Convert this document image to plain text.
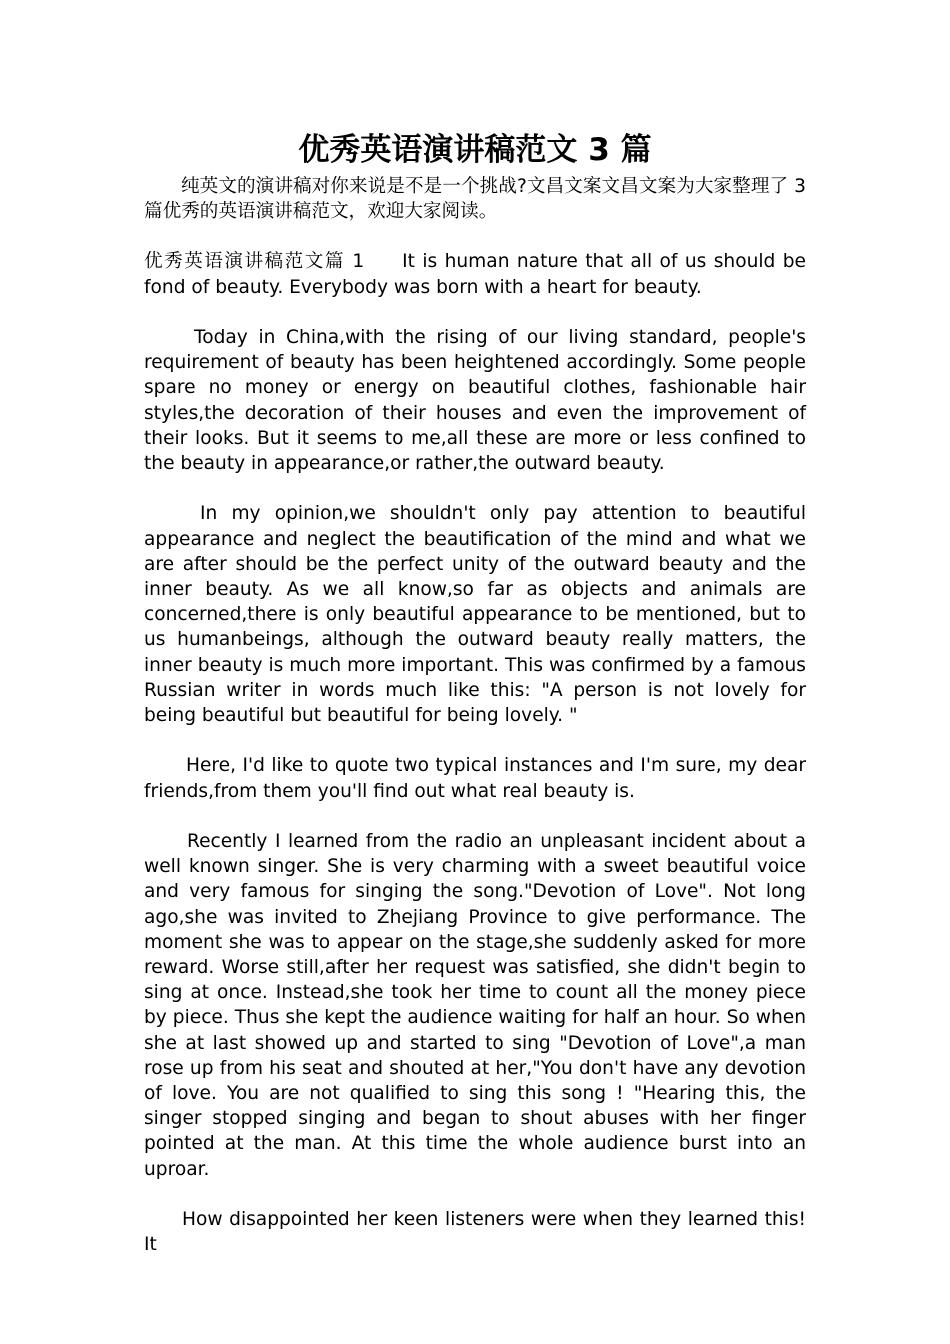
优秀英语演讲稿范文 3 篇

纯英文的演讲稿对你来说是不是一个挑战?文昌文案文昌文案为大家整理了 3 篇优秀的英语演讲稿范文，欢迎大家阅读。

优秀英语演讲稿范文篇 1 It is human nature that all of us should be fond of beauty. Everybody was born with a heart for beauty.

Today in China,with the rising of our living standard, people's requirement of beauty has been heightened accordingly. Some people spare no money or energy on beautiful clothes, fashionable hair styles,the decoration of their houses and even the improvement of their looks. But it seems to me,all these are more or less confined to the beauty in appearance,or rather,the outward beauty.

In my opinion,we shouldn't only pay attention to beautiful appearance and neglect the beautification of the mind and what we are after should be the perfect unity of the outward beauty and the inner beauty. As we all know,so far as objects and animals are concerned,there is only beautiful appearance to be mentioned, but to us humanbeings, although the outward beauty really matters, the inner beauty is much more important. This was confirmed by a famous Russian writer in words much like this: "A person is not lovely for being beautiful but beautiful for being lovely. "

Here, I'd like to quote two typical instances and I'm sure, my dear friends,from them you'll find out what real beauty is.

Recently I learned from the radio an unpleasant incident about a well known singer. She is very charming with a sweet beautiful voice and very famous for singing the song."Devotion of Love". Not long ago,she was invited to Zhejiang Province to give performance. The moment she was to appear on the stage,she suddenly asked for more reward. Worse still,after her request was satisfied, she didn't begin to sing at once. Instead,she took her time to count all the money piece by piece. Thus she kept the audience waiting for half an hour. So when she at last showed up and started to sing "Devotion of Love",a man rose up from his seat and shouted at her,"You don't have any devotion of love. You are not qualified to sing this song ! "Hearing this, the singer stopped singing and began to shout abuses with her finger pointed at the man. At this time the whole audience burst into an uproar.

How disappointed her keen listeners were when they learned this! It
